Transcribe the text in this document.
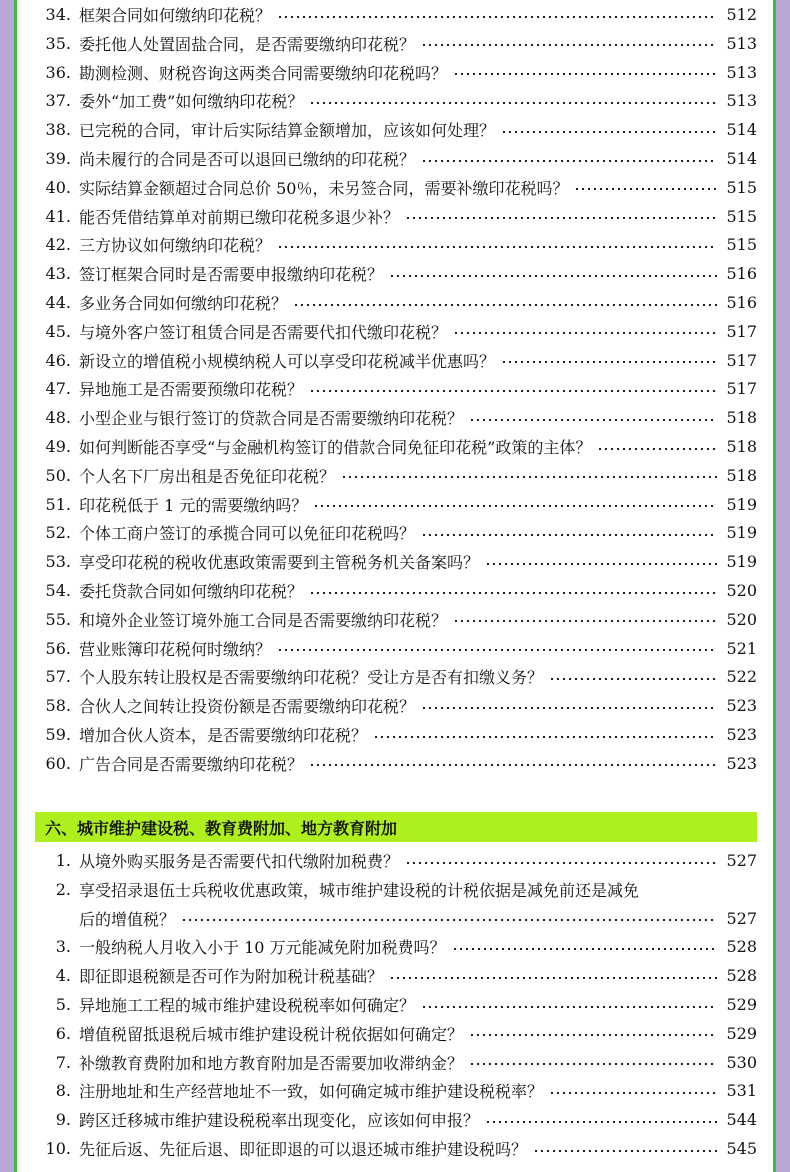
34. 框架合同如何缴纳印花税？	512
35. 委托他人处置固盐合同，是否需要缴纳印花税？	513
36. 勘测检测、财税咨询这两类合同需要缴纳印花税吗？	513
37. 委外“加工费”如何缴纳印花税？	513
38. 已完税的合同，审计后实际结算金额增加，应该如何处理？	514
39. 尚未履行的合同是否可以退回已缴纳的印花税？	514
40. 实际结算金额超过合同总价 50％，未另签合同，需要补缴印花税吗？	515
41. 能否凭借结算单对前期已缴印花税多退少补？	515
42. 三方协议如何缴纳印花税？	515
43. 签订框架合同时是否需要申报缴纳印花税？	516
44. 多业务合同如何缴纳印花税？	516
45. 与境外客户签订租赁合同是否需要代扣代缴印花税？	517
46. 新设立的增值税小规模纳税人可以享受印花税减半优惠吗？	517
47. 异地施工是否需要预缴印花税？	517
48. 小型企业与银行签订的贷款合同是否需要缴纳印花税？	518
49. 如何判断能否享受“与金融机构签订的借款合同免征印花税”政策的主体？	518
50. 个人名下厂房出租是否免征印花税？	518
51. 印花税低于 1 元的需要缴纳吗？	519
52. 个体工商户签订的承揽合同可以免征印花税吗？	519
53. 享受印花税的税收优惠政策需要到主管税务机关备案吗？	519
54. 委托贷款合同如何缴纳印花税？	520
55. 和境外企业签订境外施工合同是否需要缴纳印花税？	520
56. 营业账簿印花税何时缴纳？	521
57. 个人股东转让股权是否需要缴纳印花税？受让方是否有扣缴义务？	522
58. 合伙人之间转让投资份额是否需要缴纳印花税？	523
59. 增加合伙人资本，是否需要缴纳印花税？	523
60. 广告合同是否需要缴纳印花税？	523
1. 从境外购买服务是否需要代扣代缴附加税费？	527
2. 享受招录退伍士兵税收优惠政策，城市维护建设税的计税依据是减免前还是减免
后的增值税？	527
3. 一般纳税人月收入小于 10 万元能减免附加税费吗？	528
4. 即征即退税额是否可作为附加税计税基础？	528
5. 异地施工工程的城市维护建设税税率如何确定？	529
6. 增值税留抵退税后城市维护建设税计税依据如何确定？	529
7. 补缴教育费附加和地方教育附加是否需要加收滞纳金？	530
8. 注册地址和生产经营地址不一致，如何确定城市维护建设税税率？	531
9. 跨区迁移城市维护建设税税率出现变化，应该如何申报？	544
10. 先征后返、先征后退、即征即退的可以退还城市维护建设税吗？	545
六、城市维护建设税、教育费附加、地方教育附加
